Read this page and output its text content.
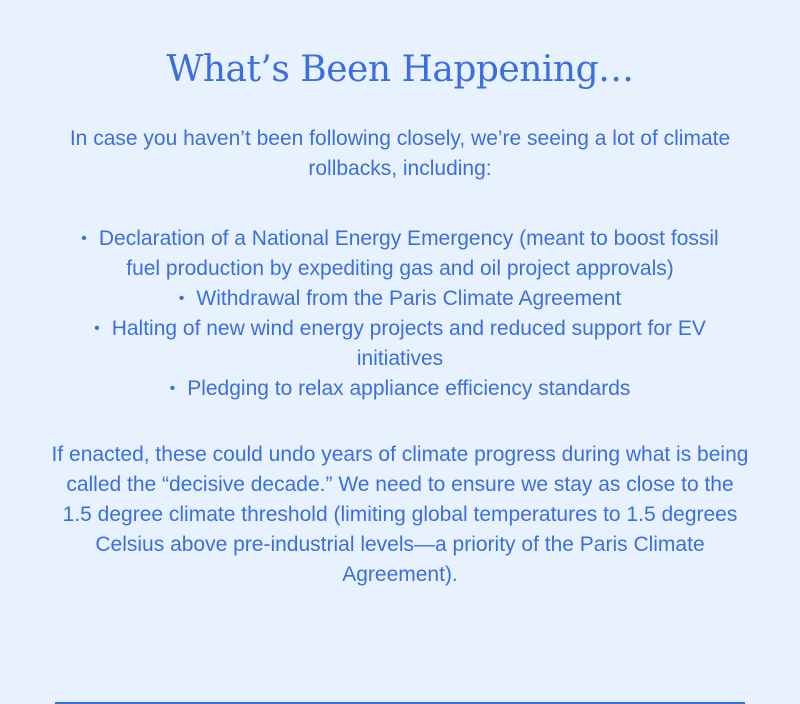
What’s Been Happening…

In case you haven’t been following closely, we’re seeing a lot of climate rollbacks, including:

• Declaration of a National Energy Emergency (meant to boost fossil fuel production by expediting gas and oil project approvals)
• Withdrawal from the Paris Climate Agreement
• Halting of new wind energy projects and reduced support for EV initiatives
• Pledging to relax appliance efficiency standards

If enacted, these could undo years of climate progress during what is being called the “decisive decade.” We need to ensure we stay as close to the 1.5 degree climate threshold (limiting global temperatures to 1.5 degrees Celsius above pre-industrial levels—a priority of the Paris Climate Agreement).
